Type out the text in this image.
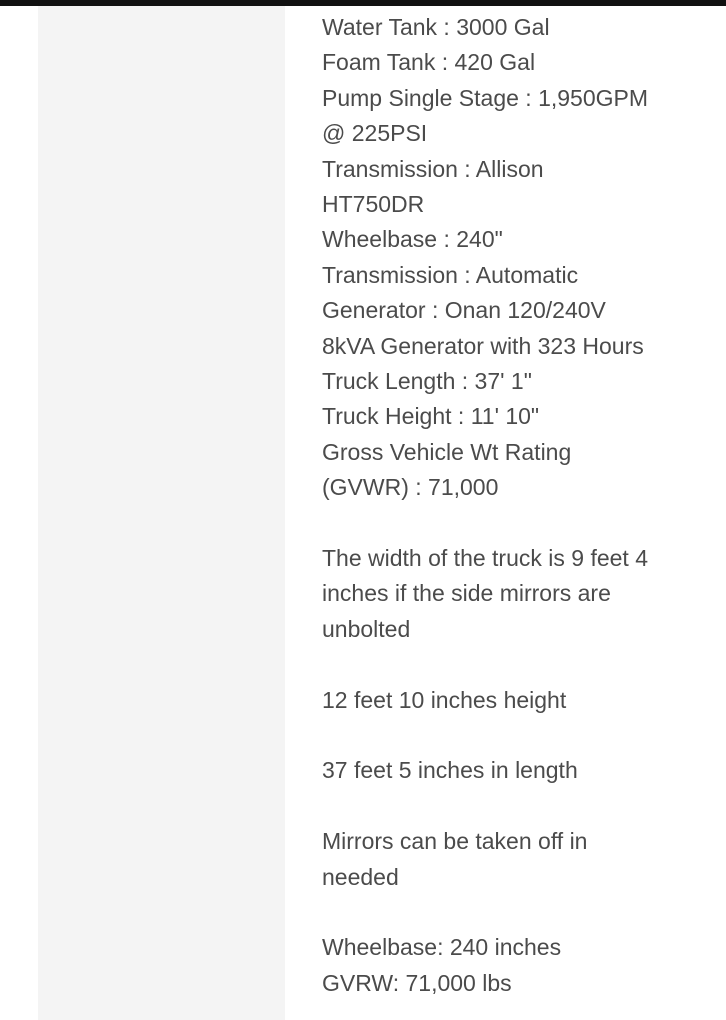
Water Tank : 3000 Gal
Foam Tank : 420 Gal
Pump Single Stage : 1,950GPM
@ 225PSI
Transmission : Allison
HT750DR
Wheelbase : 240"
Transmission : Automatic
Generator : Onan 120/240V
8kVA Generator with 323 Hours
Truck Length : 37' 1"
Truck Height : 11' 10"
Gross Vehicle Wt Rating
(GVWR) : 71,000
The width of the truck is 9 feet 4
inches if the side mirrors are
unbolted
12 feet 10 inches height
37 feet 5 inches in length
Mirrors can be taken off in
needed
Wheelbase: 240 inches
GVRW: 71,000 lbs
